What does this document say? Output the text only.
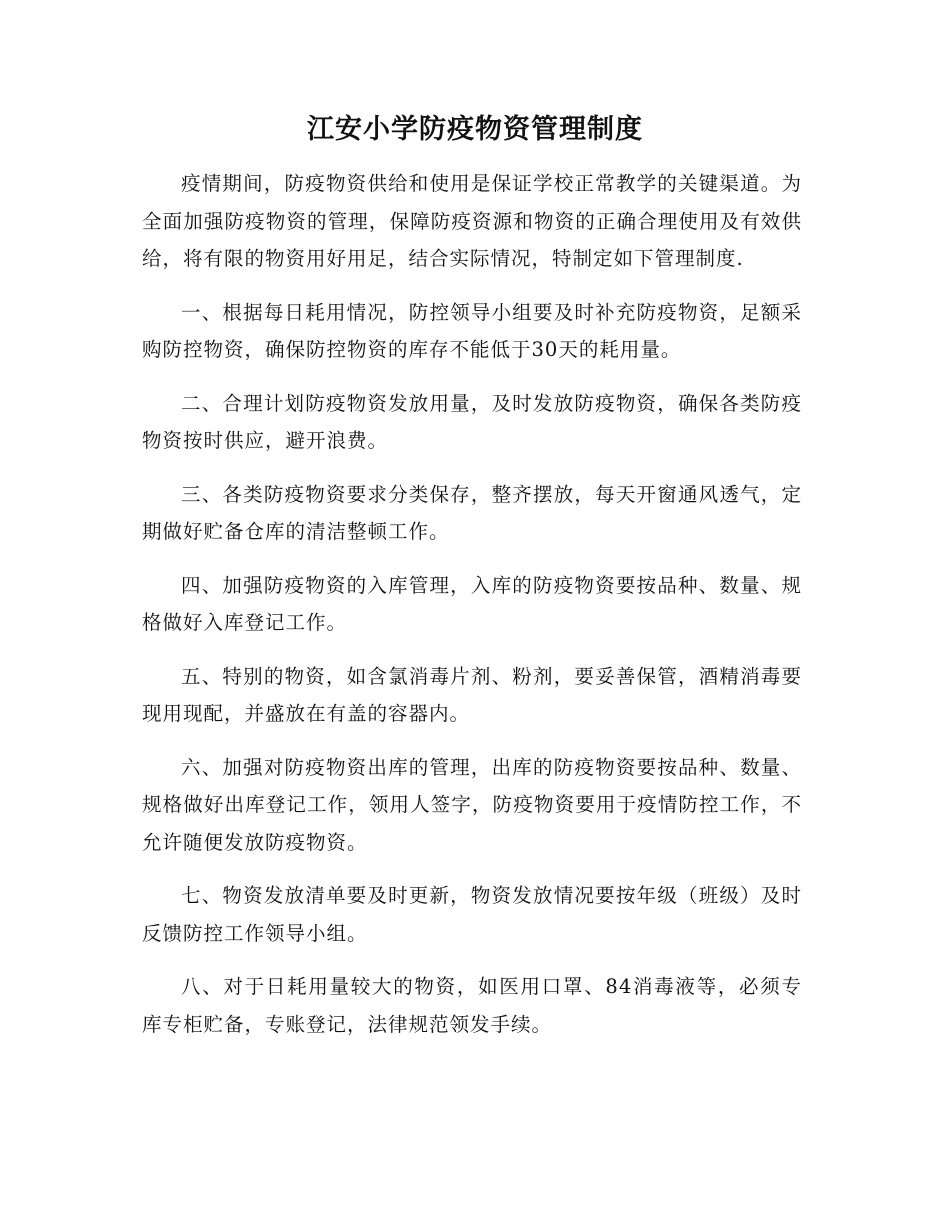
江安小学防疫物资管理制度

疫情期间，防疫物资供给和使用是保证学校正常教学的关键渠道。为全面加强防疫物资的管理，保障防疫资源和物资的正确合理使用及有效供给，将有限的物资用好用足，结合实际情况，特制定如下管理制度.

一、根据每日耗用情况，防控领导小组要及时补充防疫物资，足额采购防控物资，确保防控物资的库存不能低于30天的耗用量。

二、合理计划防疫物资发放用量，及时发放防疫物资，确保各类防疫物资按时供应，避开浪费。

三、各类防疫物资要求分类保存，整齐摆放，每天开窗通风透气，定期做好贮备仓库的清洁整顿工作。

四、加强防疫物资的入库管理，入库的防疫物资要按品种、数量、规格做好入库登记工作。

五、特别的物资，如含氯消毒片剂、粉剂，要妥善保管，酒精消毒要现用现配，并盛放在有盖的容器内。

六、加强对防疫物资出库的管理，出库的防疫物资要按品种、数量、规格做好出库登记工作，领用人签字，防疫物资要用于疫情防控工作，不允许随便发放防疫物资。

七、物资发放清单要及时更新，物资发放情况要按年级（班级）及时反馈防控工作领导小组。

八、对于日耗用量较大的物资，如医用口罩、84消毒液等，必须专库专柜贮备，专账登记，法律规范领发手续。
